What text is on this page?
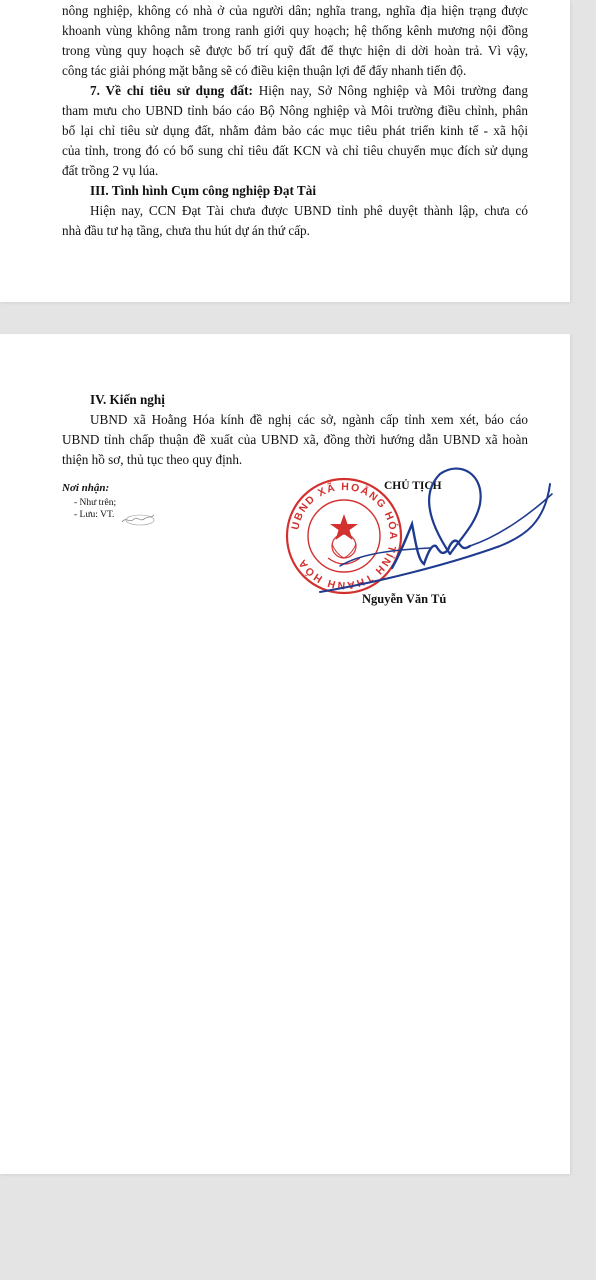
nông nghiệp, không có nhà ở của người dân; nghĩa trang, nghĩa địa hiện trạng được
khoanh vùng không nằm trong ranh giới quy hoạch; hệ thống kênh mương nội đồng
trong vùng quy hoạch sẽ được bố trí quỹ đất để thực hiện di dời hoàn trả. Vì vậy,
công tác giải phóng mặt bằng sẽ có điều kiện thuận lợi để đẩy nhanh tiến độ.
7. Về chỉ tiêu sử dụng đất: Hiện nay, Sở Nông nghiệp và Môi trường đang
tham mưu cho UBND tỉnh báo cáo Bộ Nông nghiệp và Môi trường điều chỉnh, phân
bổ lại chỉ tiêu sử dụng đất, nhằm đảm bảo các mục tiêu phát triển kinh tế - xã hội
của tỉnh, trong đó có bổ sung chỉ tiêu đất KCN và chỉ tiêu chuyển mục đích sử dụng
đất trồng 2 vụ lúa.
III. Tình hình Cụm công nghiệp Đạt Tài
Hiện nay, CCN Đạt Tài chưa được UBND tỉnh phê duyệt thành lập, chưa có
nhà đầu tư hạ tầng, chưa thu hút dự án thứ cấp.
IV. Kiến nghị
UBND xã Hoằng Hóa kính đề nghị các sở, ngành cấp tỉnh xem xét, báo cáo
UBND tỉnh chấp thuận đề xuất của UBND xã, đồng thời hướng dẫn UBND xã hoàn
thiện hồ sơ, thủ tục theo quy định.
Nơi nhận:
- Như trên;
- Lưu: VT.
UBND XÃ HOẰNG HÓA TỈNH THANH HÓA
CHỦ TỊCH
Nguyễn Văn Tú
